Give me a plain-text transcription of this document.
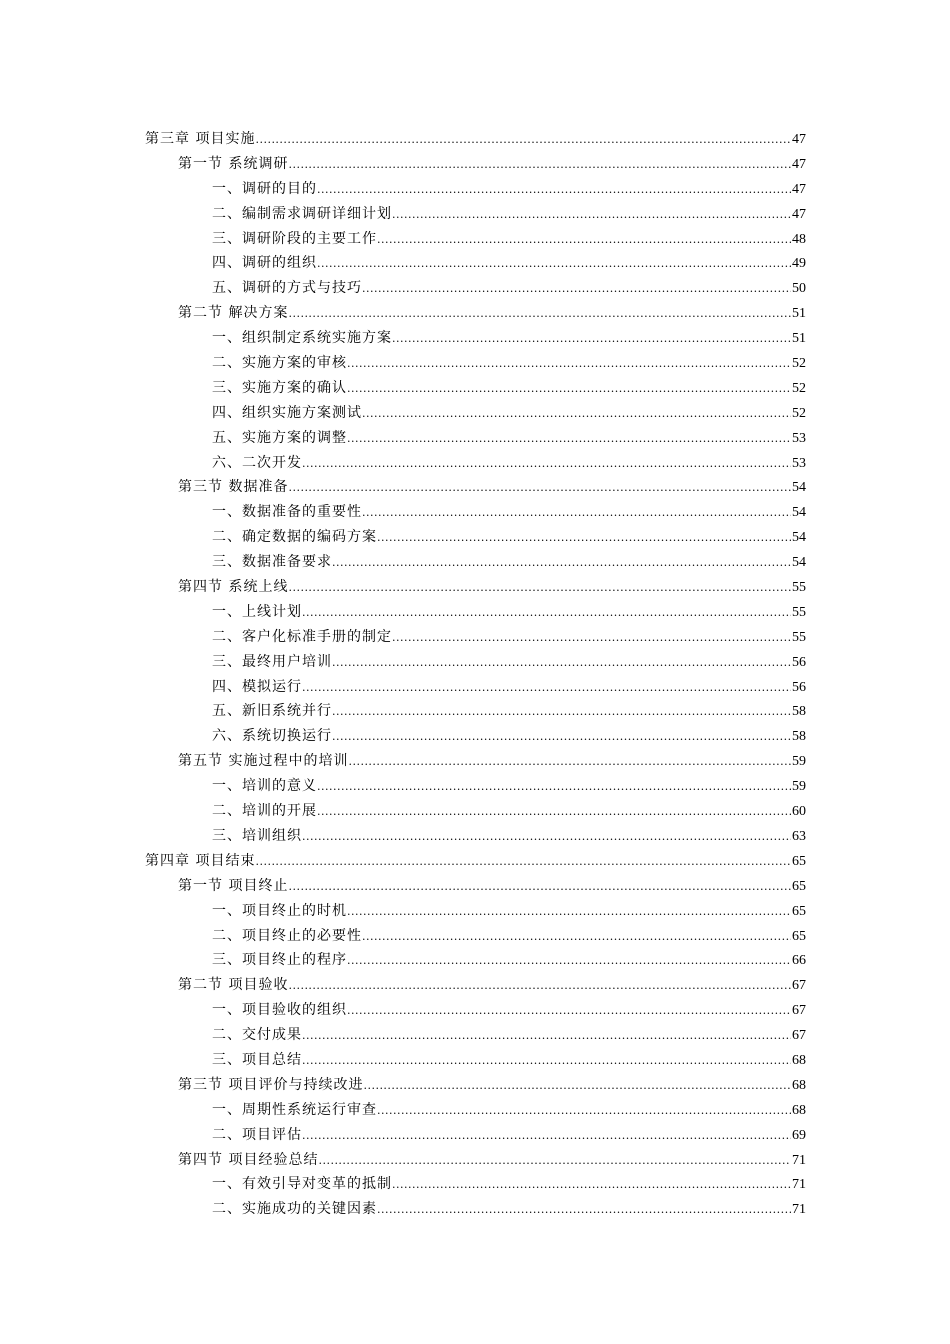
第三章 项目实施 .....	47
第一节 系统调研 .....	47
一、调研的目的 .....	47
二、编制需求调研详细计划 .....	47
三、调研阶段的主要工作 .....	48
四、调研的组织 .....	49
五、调研的方式与技巧 .....	50
第二节 解决方案 .....	51
一、组织制定系统实施方案 .....	51
二、实施方案的审核 .....	52
三、实施方案的确认 .....	52
四、组织实施方案测试 .....	52
五、实施方案的调整 .....	53
六、二次开发 .....	53
第三节 数据准备 .....	54
一、数据准备的重要性 .....	54
二、确定数据的编码方案 .....	54
三、数据准备要求 .....	54
第四节 系统上线 .....	55
一、上线计划 .....	55
二、客户化标准手册的制定 .....	55
三、最终用户培训 .....	56
四、模拟运行 .....	56
五、新旧系统并行 .....	58
六、系统切换运行 .....	58
第五节 实施过程中的培训 .....	59
一、培训的意义 .....	59
二、培训的开展 .....	60
三、培训组织 .....	63
第四章 项目结束 .....	65
第一节 项目终止 .....	65
一、项目终止的时机 .....	65
二、项目终止的必要性 .....	65
三、项目终止的程序 .....	66
第二节 项目验收 .....	67
一、项目验收的组织 .....	67
二、交付成果 .....	67
三、项目总结 .....	68
第三节 项目评价与持续改进 .....	68
一、周期性系统运行审查 .....	68
二、项目评估 .....	69
第四节 项目经验总结 .....	71
一、有效引导对变革的抵制 .....	71
二、实施成功的关键因素 .....	71
